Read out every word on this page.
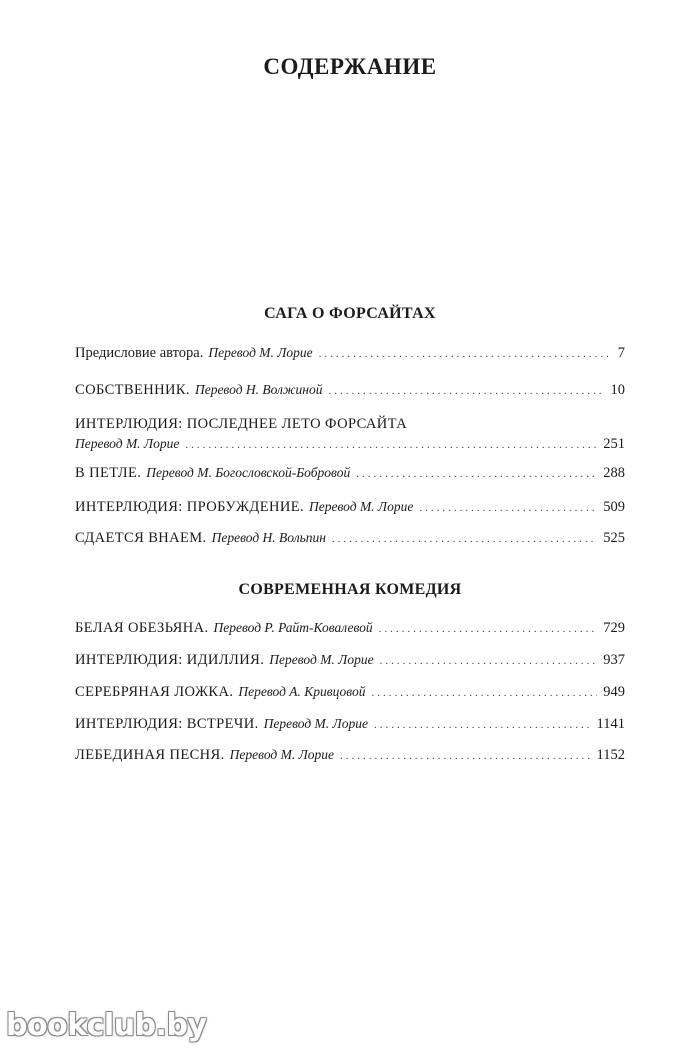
СОДЕРЖАНИЕ
САГА О ФОРСАЙТАХ
Предисловие автора. Перевод М. Лорие .....	7
СОБСТВЕННИК. Перевод Н. Волжиной .....	10
ИНТЕРЛЮДИЯ: ПОСЛЕДНЕЕ ЛЕТО ФОРСАЙТА
Перевод М. Лорие .....	251
В ПЕТЛЕ. Перевод М. Богословской-Бобровой .....	288
ИНТЕРЛЮДИЯ: ПРОБУЖДЕНИЕ. Перевод М. Лорие .....	509
СДАЕТСЯ ВНАЕМ. Перевод Н. Вольпин .....	525
СОВРЕМЕННАЯ КОМЕДИЯ
БЕЛАЯ ОБЕЗЬЯНА. Перевод Р. Райт-Ковалевой .....	729
ИНТЕРЛЮДИЯ: ИДИЛЛИЯ. Перевод М. Лорие .....	937
СЕРЕБРЯНАЯ ЛОЖКА. Перевод А. Кривцовой .....	949
ИНТЕРЛЮДИЯ: ВСТРЕЧИ. Перевод М. Лорие .....	1141
ЛЕБЕДИНАЯ ПЕСНЯ. Перевод М. Лорие .....	1152
bookclub.by
